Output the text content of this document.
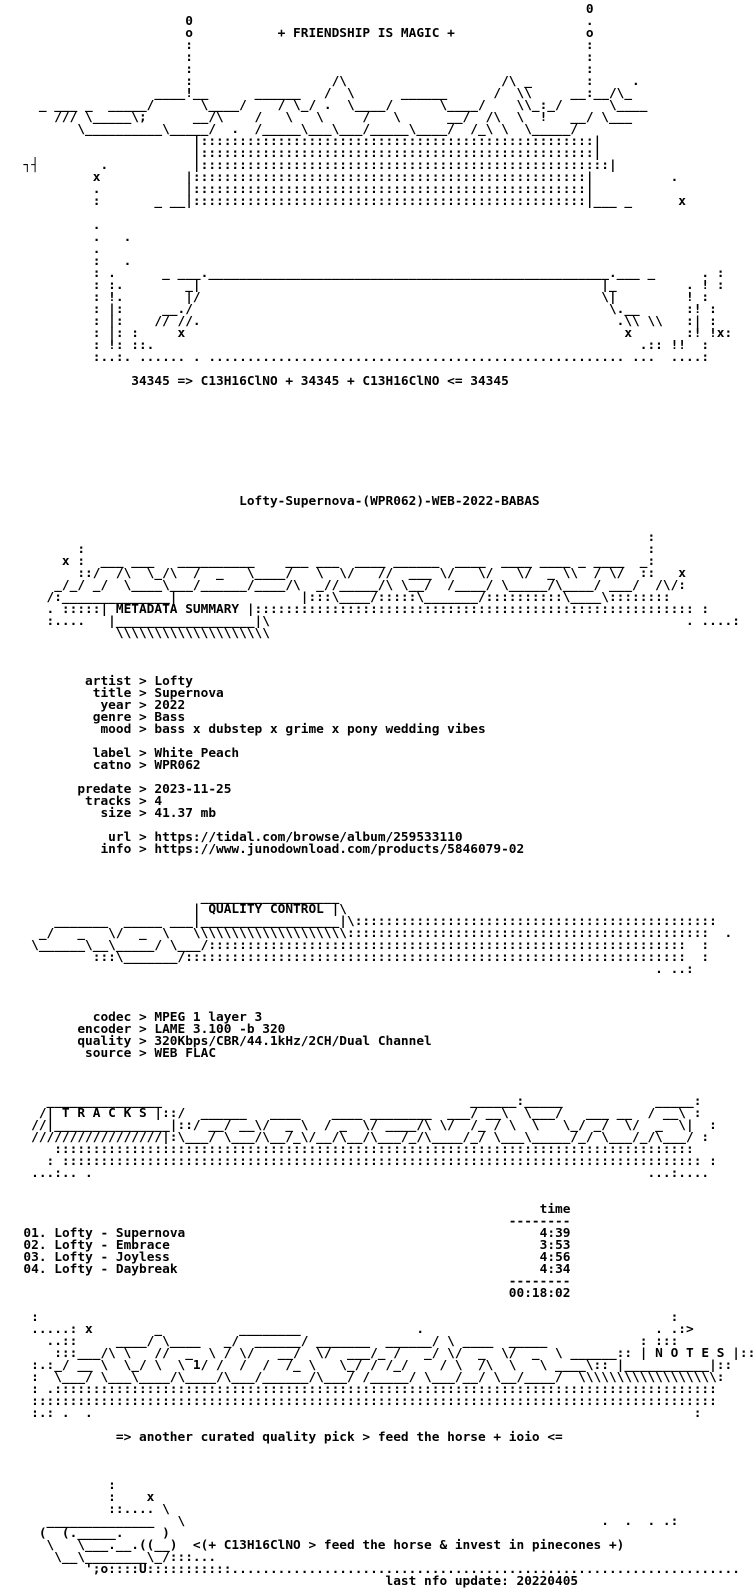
0
0                                                   .
o           + FRIENDSHIP IS MAGIC +                 o
:                                                   :
:                                                   :
:                                                   :
:                  /\                    /\ _       :     .
____!__      ______   /  \      ______      /  \\     __:__/\_
_ ___ _  _____/      \____/    / \_/ .  \____/      \____/    \\_:_/      \____
/// \_____\;      __/\    /   \   \     /   \      __/  /\  \  !   __/ \___
\__________\_____/  .  /_____\___\___/_____\____/  /_\ \  \_____/
|:::::::::::::::::::::::::::::::::::::::::::::::::::|
|:::::::::::::::::::::::::::::::::::::::::::::::::::|
┐┤        .           |:::::::::::::::::::::::::::::::::::::::::::::::::::::|
x           |:::::::::::::::::::::::::::::::::::::::::::::::::::|          .
.           |:::::::::::::::::::::::::::::::::::::::::::::::::::|
:       _ __|:::::::::::::::::::::::::::::::::::::::::::::::::::|___ _      x

.
.   .
.
:   .
: .      _ ___.____________________________________________________.___ _      . :
: :.        _|                                                    |_         . ! :
: !.        |/                                                    \|         ! :
: |:     __./                                                      \.__      :! :
: |:    // //.                                                      .\\ \\   :| :
: |: :     x                                                         x       :! !x:
: !: ::.                                                               .:: !!  :
:..:. ...... . ...................................................... ...  ....:

34345 => C13H16ClNO + 34345 + C13H16ClNO <= 34345

Lofty-Supernova-(WPR062)-WEB-2022-BABAS

:
:                                                                         :
x :  ___ ___   __________    ___ ___  ____ ______  ____  ____ ____ _ ____  _:
::/  /\  \_/\  /  _   \____/   \  \/   //  ___ \/   \/   \/  _ \\  / \/  ::   x
_/_/ _/  \____\___/______/____/\  _//_____/\ \__/  /____/ \_____/\____/ ___/  /\/:
/:______________|                |:::\____/:::::\_______/::::::::::\____\::::::::
. :::::| METADATA SUMMARY |::::::::::::::::::::::::::::::::::::::::::::::::::::::::: :
:....   |__________________|\                                                      . ....:
\\\\\\\\\\\\\\\\\\\\

artist > Lofty
title > Supernova
year > 2022
genre > Bass
mood > bass x dubstep x grime x pony wedding vibes

label > White Peach
catno > WPR062

predate > 2023-11-25
tracks > 4
size > 41.37 mb

url > https://tidal.com/browse/album/259533110
info > https://www.junodownload.com/products/5846079-02

__________________
| QUALITY CONTROL |\
_______  _____ ___|__________________|\:::::::::::::::::::::::::::::::::::::::::::::::
_/   _   \/  _  \   \\\\\\\\\\\\\\\\\\\\:::::::::::::::::::::::::::::::::::::::::::::::  .
\______\__\_____/ \___/::::::::::::::::::::::::::::::::::::::::::::::::::::::::::::::  :
:::\_______/:::::::::::::::::::::::::::::::::::::::::::::::::::::::::::::::::  :
. ..:

codec > MPEG 1 layer 3
encoder > LAME 3.100 -b 320
quality > 320Kbps/CBR/44.1kHz/2CH/Dual Channel
source > WEB FLAC

_______________                                        ______:_____            _____:
/| T R A C K S |::/  ______   ____    ____ ________  ___/ __\  \___/   ___ __  / __\ :
//|_______________|::/ __/ __\/  _ \  / _  \/ ____/\ \/  /_ / \  \   \_/ _/  \/  _  \|  :
/////////////////|:\___/ \___/\__/_\/__/\__/\___/_/\____/_/ \___\_____/_/ \___/_/\___/ :
:::::::::::::::::::::::::::::::::::::::::::::::::::::::::::::::::::::::::::::::::::
: ::::::::::::::::::::::::::::::::::::::::::::::::::::::::::::::::::::::::::::::::::: :
...:.. .                                                                        ...:....

time
--------
01. Lofty - Supernova	4:39
02. Lofty - Embrace	3:53
03. Lofty - Joyless	4:56
04. Lofty - Daybreak	4:34
--------
00:18:02

:                                                                                  :
.....: x        _          ________               .                              . .:>
..::     ____/ \____   _/  ______/ _______  ______/ \ ____  _____            : :::
:::___/\ \   //  _  \ / \/   __/  \/  ___/_ /   _/ \/  _  \/  _  \ ______:: | N O T E S |::
:.:_/ __ \  \_/ \  \ 1/ /  /  /  /_ \   \_/ / /_/    / \  /\  \   \ ____\:: |___________|::
:  \___/ \___\____/\____/\___/______/\___/ /_____/ \___/__/ \__/____/  \\\\\\\\\\\\\\\\\\:
: .::::::::::::::::::::::::::::::::::::::::::::::::::::::::::::::::::::::::::::::::::::::
:::::::::::::::::::::::::::::::::::::::::::::::::::::::::::::::::::::::::::::::::::::::::
:.: .  .                                                                              :

=> another curated quality pick > feed the horse + ioio <=

:
:    x
::.... \
______________   \                                                      .  .  . .:
(  (._____.     )
\   \___.__.((__)  <(+ C13H16ClNO > feed the horse & invest in pinecones +)
\__\________\_/:::...
';o::::U:::::::::::..................................................................
last nfo update: 20220405
